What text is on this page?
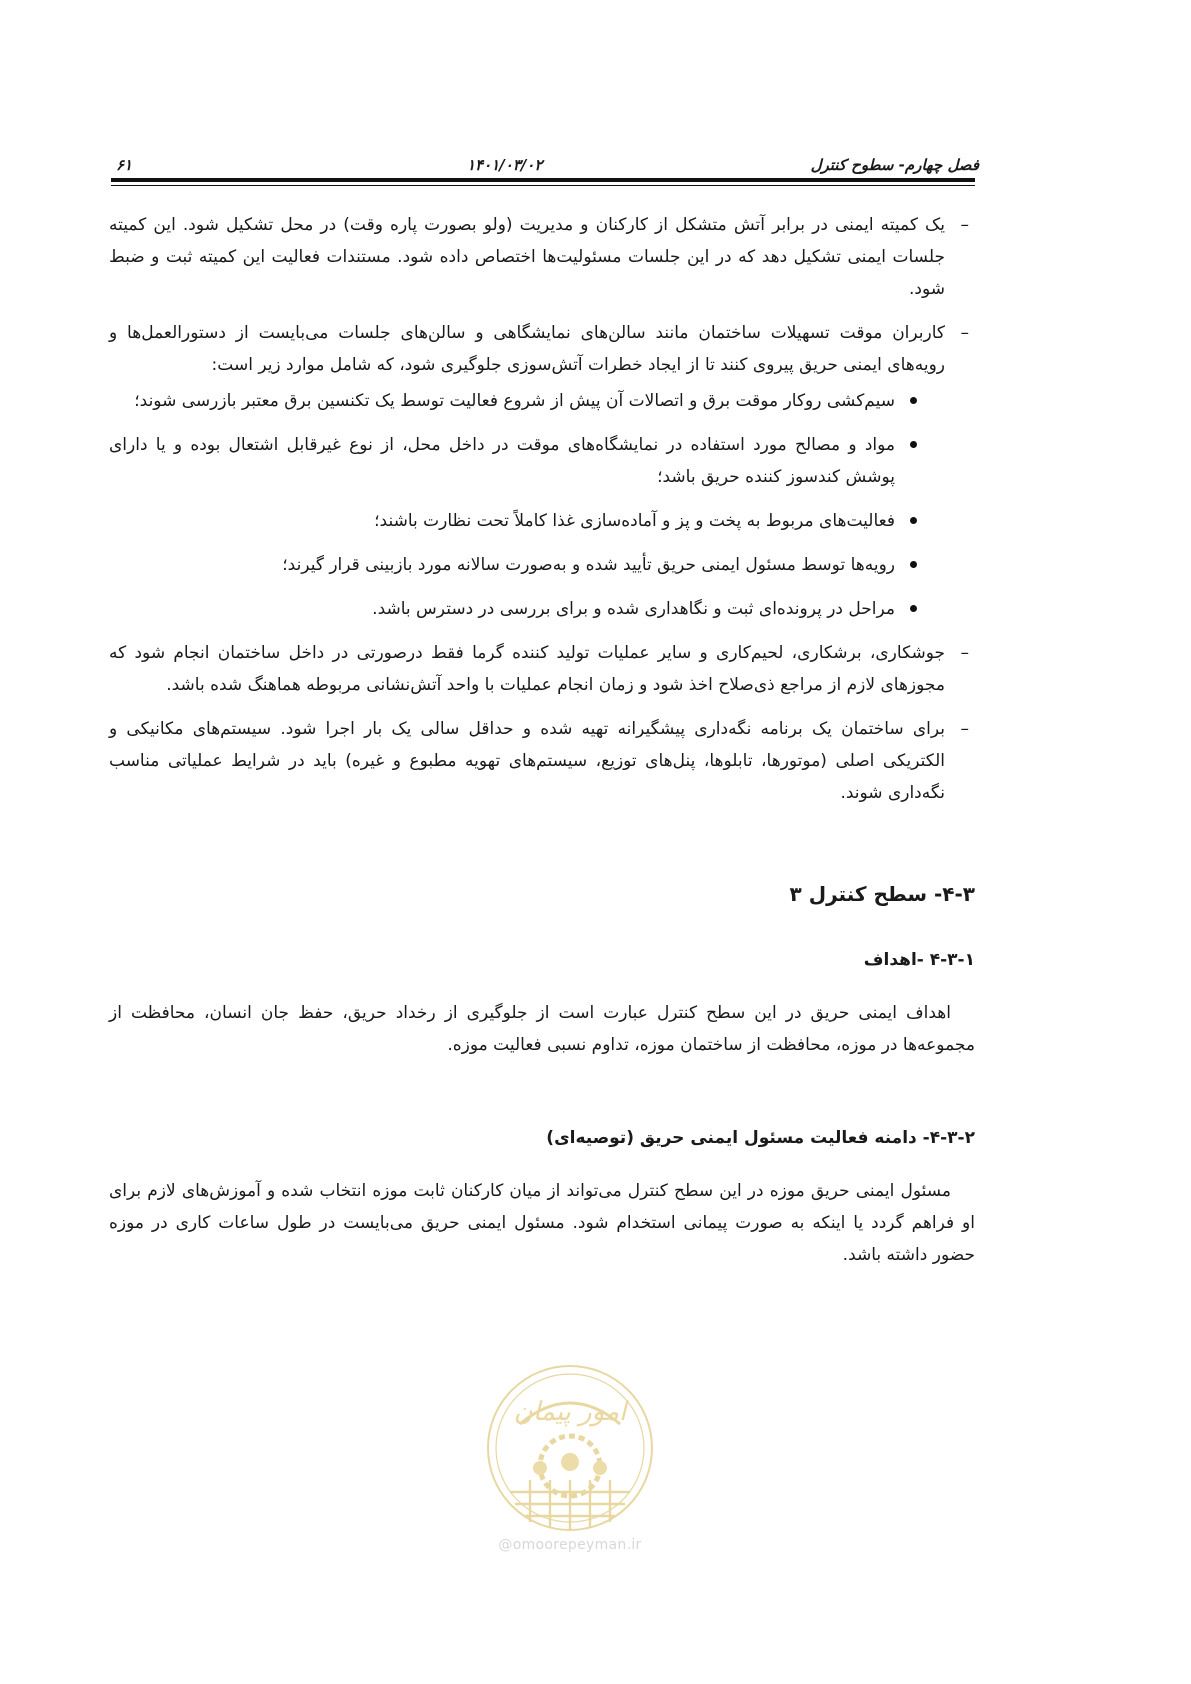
فصل چهارم- سطوح کنترل
۱۴۰۱/۰۳/۰۲
۶۱

–
یک کمیته ایمنی در برابر آتش متشکل از کارکنان و مدیریت (ولو بصورت پاره وقت) در محل تشکیل شود. این کمیته جلسات ایمنی تشکیل دهد که در این جلسات مسئولیت‌ها اختصاص داده شود. مستندات فعالیت این کمیته ثبت و ضبط شود.

–
کاربران موقت تسهیلات ساختمان مانند سالن‌های نمایشگاهی و سالن‌های جلسات می‌بایست از دستورالعمل‌ها و رویه‌های ایمنی حریق پیروی کنند تا از ایجاد خطرات آتش‌سوزی جلوگیری شود، که شامل موارد زیر است:

سیم‌کشی روکار موقت برق و اتصالات آن پیش از شروع فعالیت توسط یک تکنسین برق معتبر بازرسی شوند؛

مواد و مصالح مورد استفاده در نمایشگاه‌های موقت در داخل محل، از نوع غیرقابل اشتعال بوده و یا دارای پوشش کندسوز کننده حریق باشد؛

فعالیت‌های مربوط به پخت و پز و آماده‌سازی غذا کاملاً تحت نظارت باشند؛

رویه‌ها توسط مسئول ایمنی حریق تأیید شده و به‌صورت سالانه مورد بازبینی قرار گیرند؛

مراحل در پرونده‌ای ثبت و نگاهداری شده و برای بررسی در دسترس باشد.

–
جوشکاری، برشکاری، لحیم‌کاری و سایر عملیات تولید کننده گرما فقط درصورتی در داخل ساختمان انجام شود که مجوزهای لازم از مراجع ذی‌صلاح اخذ شود و زمان انجام عملیات با واحد آتش‌نشانی مربوطه هماهنگ شده باشد.

–
برای ساختمان یک برنامه نگه‌داری پیشگیرانه تهیه شده و حداقل سالی یک بار اجرا شود. سیستم‌های مکانیکی و الکتریکی اصلی (موتورها، تابلوها، پنل‌های توزیع، سیستم‌های تهویه مطبوع و غیره) باید در شرایط عملیاتی مناسب نگه‌داری شوند.

۴-۳- سطح کنترل ۳
۴-۳-۱ -اهداف

اهداف ایمنی حریق در این سطح کنترل عبارت است از جلوگیری از رخداد حریق، حفظ جان انسان، محافظت از مجموعه‌ها در موزه، محافظت از ساختمان موزه، تداوم نسبی فعالیت موزه.

۴-۳-۲- دامنه فعالیت مسئول ایمنی حریق (توصیه‌ای)

مسئول ایمنی حریق موزه در این سطح کنترل می‌تواند از میان کارکنان ثابت موزه انتخاب شده و آموزش‌های لازم برای او فراهم گردد یا اینکه به صورت پیمانی استخدام شود. مسئول ایمنی حریق می‌بایست در طول ساعات کاری در موزه حضور داشته باشد.

امور پیمان
@omoorepeyman.ir
